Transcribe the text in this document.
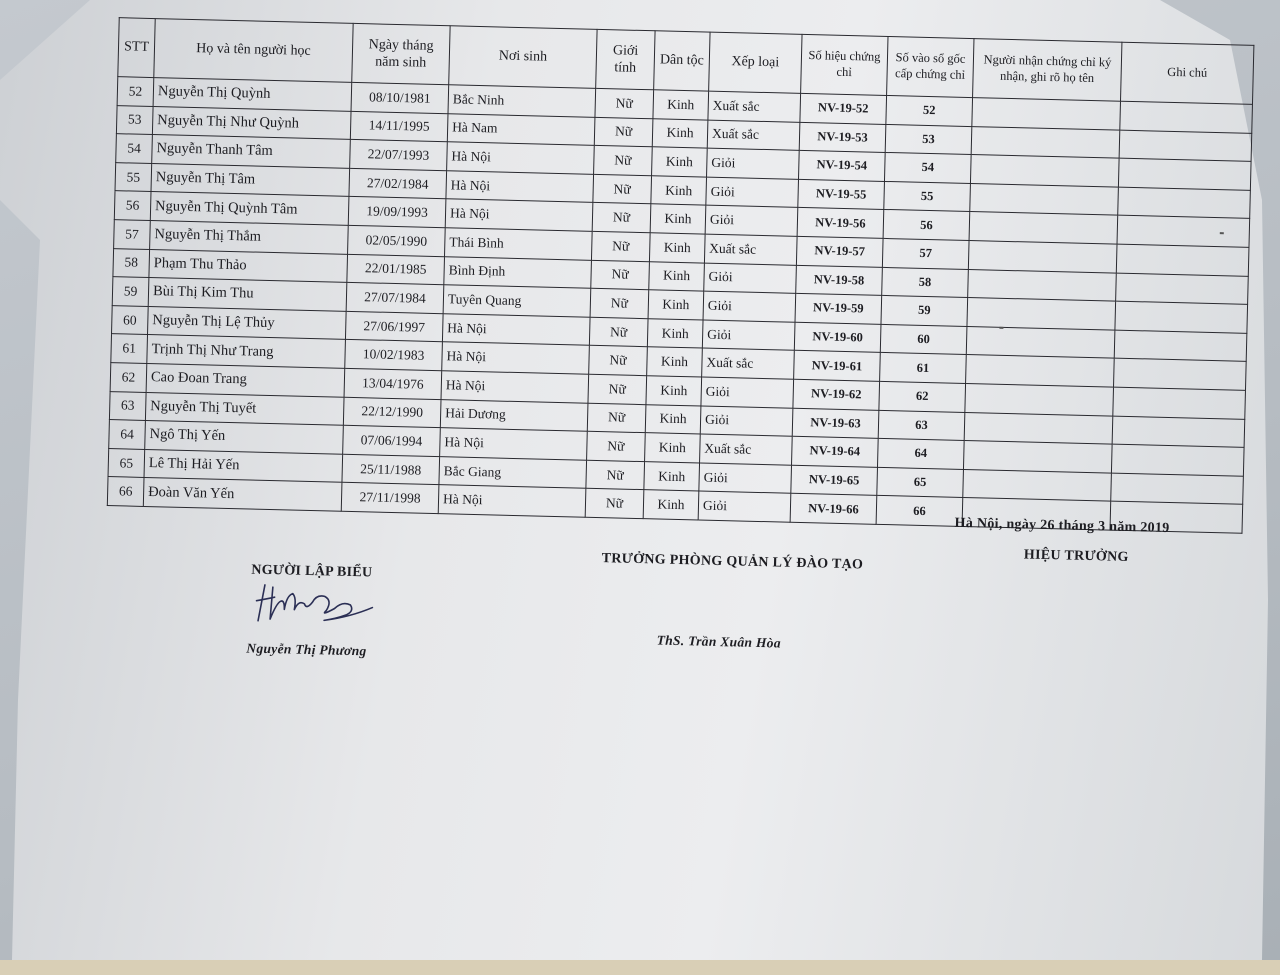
STT	Họ và tên người học	Ngày tháng năm sinh	Nơi sinh	Giới tính	Dân tộc	Xếp loại	Số hiệu chứng chỉ	Số vào sổ gốc cấp chứng chỉ	Người nhận chứng chỉ ký nhận, ghi rõ họ tên	Ghi chú
52	Nguyễn Thị Quỳnh	08/10/1981	Bắc Ninh	Nữ	Kinh	Xuất sắc	NV-19-52	52		
53	Nguyễn Thị Như Quỳnh	14/11/1995	Hà Nam	Nữ	Kinh	Xuất sắc	NV-19-53	53		
54	Nguyễn Thanh Tâm	22/07/1993	Hà Nội	Nữ	Kinh	Giỏi	NV-19-54	54		
55	Nguyễn Thị Tâm	27/02/1984	Hà Nội	Nữ	Kinh	Giỏi	NV-19-55	55		
56	Nguyễn Thị Quỳnh Tâm	19/09/1993	Hà Nội	Nữ	Kinh	Giỏi	NV-19-56	56		
57	Nguyễn Thị Thắm	02/05/1990	Thái Bình	Nữ	Kinh	Xuất sắc	NV-19-57	57		
58	Phạm Thu Thảo	22/01/1985	Bình Định	Nữ	Kinh	Giỏi	NV-19-58	58		
59	Bùi Thị Kim Thu	27/07/1984	Tuyên Quang	Nữ	Kinh	Giỏi	NV-19-59	59		
60	Nguyễn Thị Lệ Thủy	27/06/1997	Hà Nội	Nữ	Kinh	Giỏi	NV-19-60	60		
61	Trịnh Thị Như Trang	10/02/1983	Hà Nội	Nữ	Kinh	Xuất sắc	NV-19-61	61		
62	Cao Đoan Trang	13/04/1976	Hà Nội	Nữ	Kinh	Giỏi	NV-19-62	62		
63	Nguyễn Thị Tuyết	22/12/1990	Hải Dương	Nữ	Kinh	Giỏi	NV-19-63	63		
64	Ngô Thị Yến	07/06/1994	Hà Nội	Nữ	Kinh	Xuất sắc	NV-19-64	64		
65	Lê Thị Hải Yến	25/11/1988	Bắc Giang	Nữ	Kinh	Giỏi	NV-19-65	65		
66	Đoàn Văn Yến	27/11/1998	Hà Nội	Nữ	Kinh	Giỏi	NV-19-66	66		
Hà Nội, ngày 26 tháng 3 năm 2019
HIỆU TRƯỞNG
TRƯỞNG PHÒNG QUẢN LÝ ĐÀO TẠO
NGƯỜI LẬP BIỂU
Nguyễn Thị Phương	ThS. Trần Xuân Hòa
